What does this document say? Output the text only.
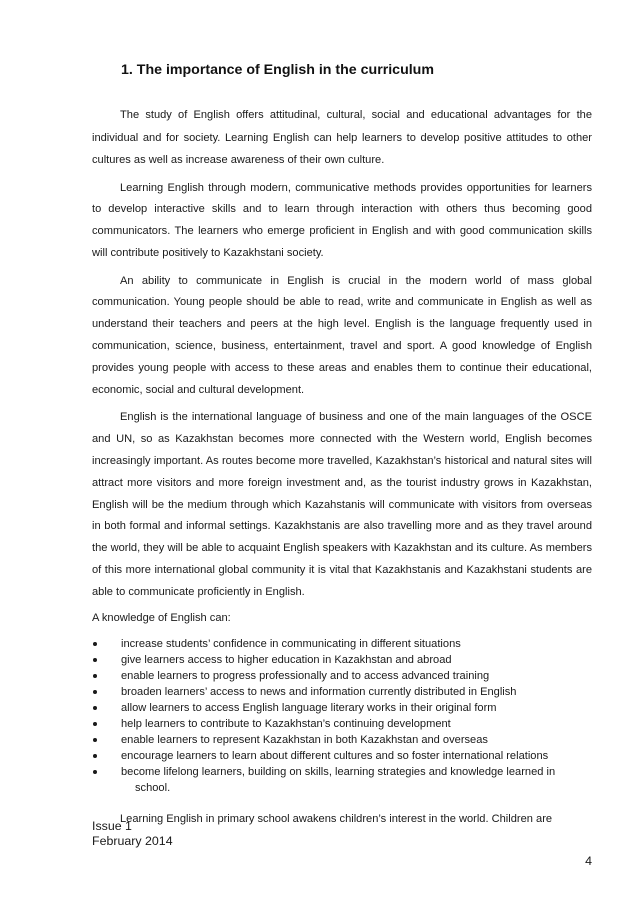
1. The importance of English in the curriculum

The study of English offers attitudinal, cultural, social and educational advantages for the individual and for society. Learning English can help learners to develop positive attitudes to other cultures as well as increase awareness of their own culture.

Learning English through modern, communicative methods provides opportunities for learners to develop interactive skills and to learn through interaction with others thus becoming good communicators. The learners who emerge proficient in English and with good communication skills will contribute positively to Kazakhstani society.

An ability to communicate in English is crucial in the modern world of mass global communication. Young people should be able to read, write and communicate in English as well as understand their teachers and peers at the high level. English is the language frequently used in communication, science, business, entertainment, travel and sport. A good knowledge of English provides young people with access to these areas and enables them to continue their educational, economic, social and cultural development.

English is the international language of business and one of the main languages of the OSCE and UN, so as Kazakhstan becomes more connected with the Western world, English becomes increasingly important. As routes become more travelled, Kazakhstan’s historical and natural sites will attract more visitors and more foreign investment and, as the tourist industry grows in Kazakhstan, English will be the medium through which Kazahstanis will communicate with visitors from overseas in both formal and informal settings. Kazakhstanis are also travelling more and as they travel around the world, they will be able to acquaint English speakers with Kazakhstan and its culture. As members of this more international global community it is vital that Kazakhstanis and Kazakhstani students are able to communicate proficiently in English.

A knowledge of English can:

increase students’ confidence in communicating in different situations
give learners access to higher education in Kazakhstan and abroad
enable learners to progress professionally and to access advanced training
broaden learners’ access to news and information currently distributed in English
allow learners to access English language literary works in their original form
help learners to contribute to Kazakhstan’s continuing development
enable learners to represent Kazakhstan in both Kazakhstan and overseas
encourage learners to learn about different cultures and so foster international relations
become lifelong learners, building on skills, learning strategies and knowledge learned in
school.

Learning English in primary school awakens children’s interest in the world. Children are

Issue 1
February 2014
4
